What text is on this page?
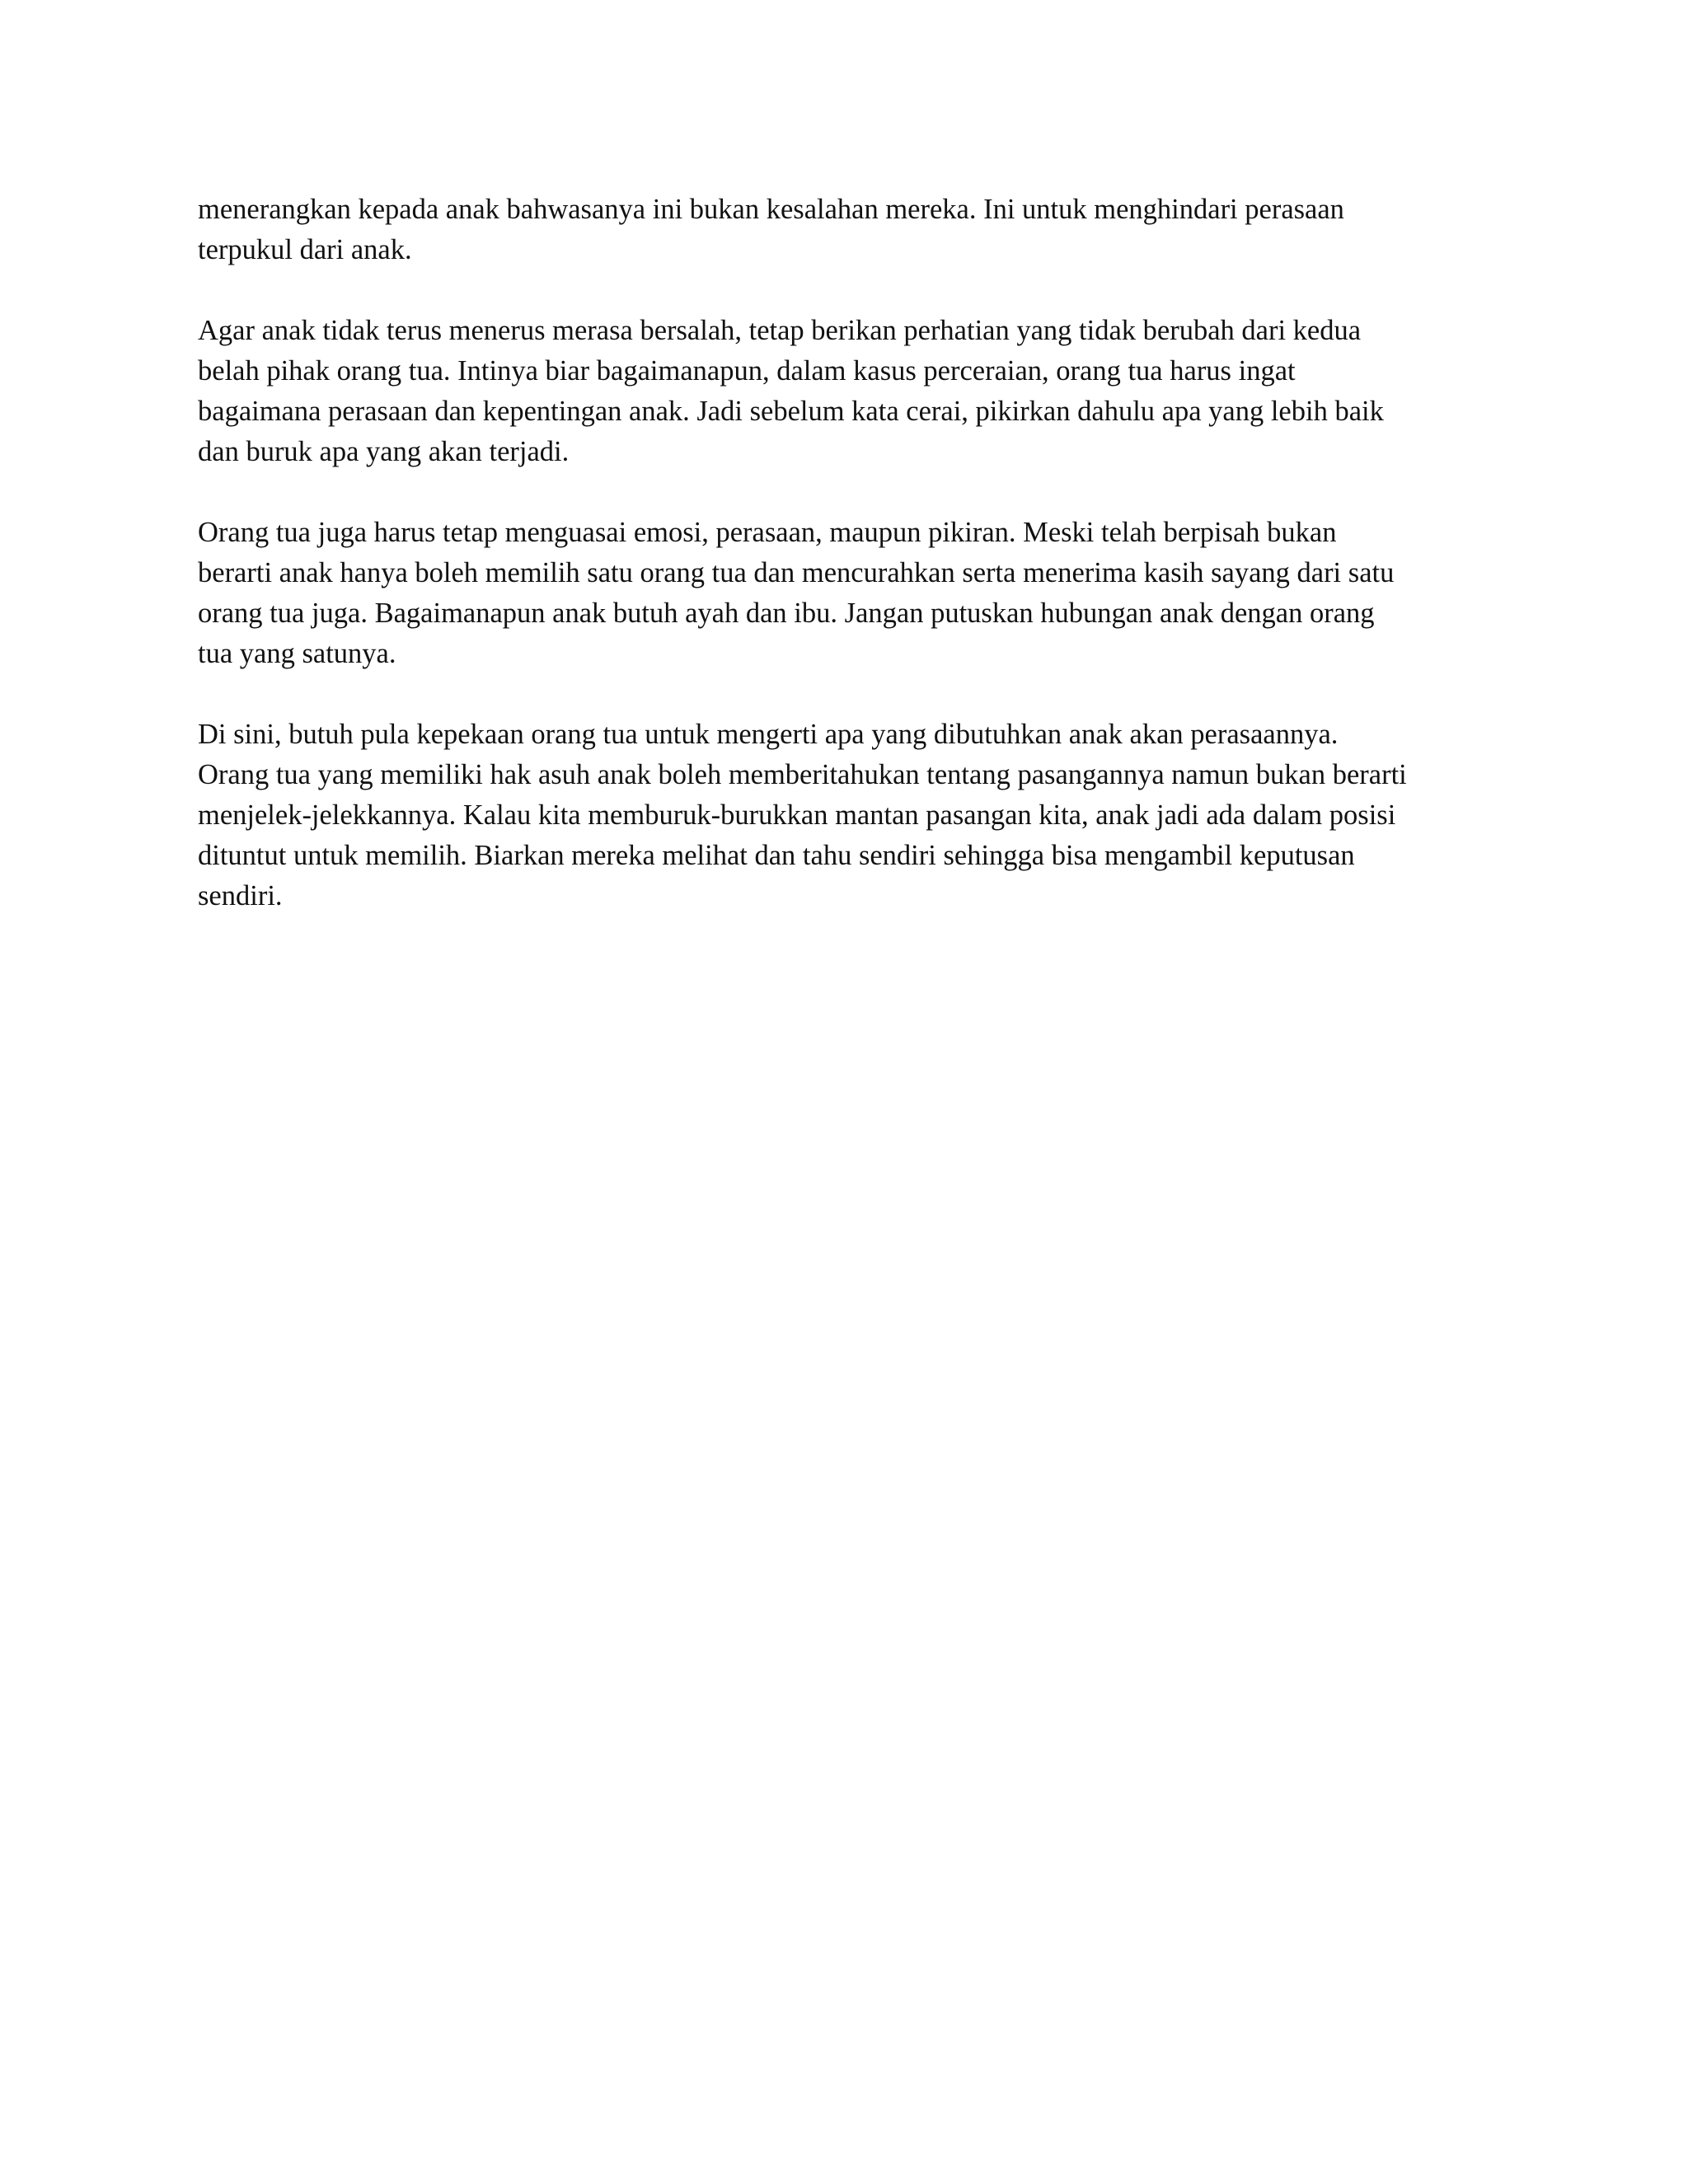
menerangkan kepada anak bahwasanya ini bukan kesalahan mereka. Ini untuk menghindari perasaan
terpukul dari anak.

Agar anak tidak terus menerus merasa bersalah, tetap berikan perhatian yang tidak berubah dari kedua
belah pihak orang tua. Intinya biar bagaimanapun, dalam kasus perceraian, orang tua harus ingat
bagaimana perasaan dan kepentingan anak. Jadi sebelum kata cerai, pikirkan dahulu apa yang lebih baik
dan buruk apa yang akan terjadi.

Orang tua juga harus tetap menguasai emosi, perasaan, maupun pikiran. Meski telah berpisah bukan
berarti anak hanya boleh memilih satu orang tua dan mencurahkan serta menerima kasih sayang dari satu
orang tua juga. Bagaimanapun anak butuh ayah dan ibu. Jangan putuskan hubungan anak dengan orang
tua yang satunya.

Di sini, butuh pula kepekaan orang tua untuk mengerti apa yang dibutuhkan anak akan perasaannya.
Orang tua yang memiliki hak asuh anak boleh memberitahukan tentang pasangannya namun bukan berarti
menjelek-jelekkannya. Kalau kita memburuk-burukkan mantan pasangan kita, anak jadi ada dalam posisi
dituntut untuk memilih. Biarkan mereka melihat dan tahu sendiri sehingga bisa mengambil keputusan
sendiri.
